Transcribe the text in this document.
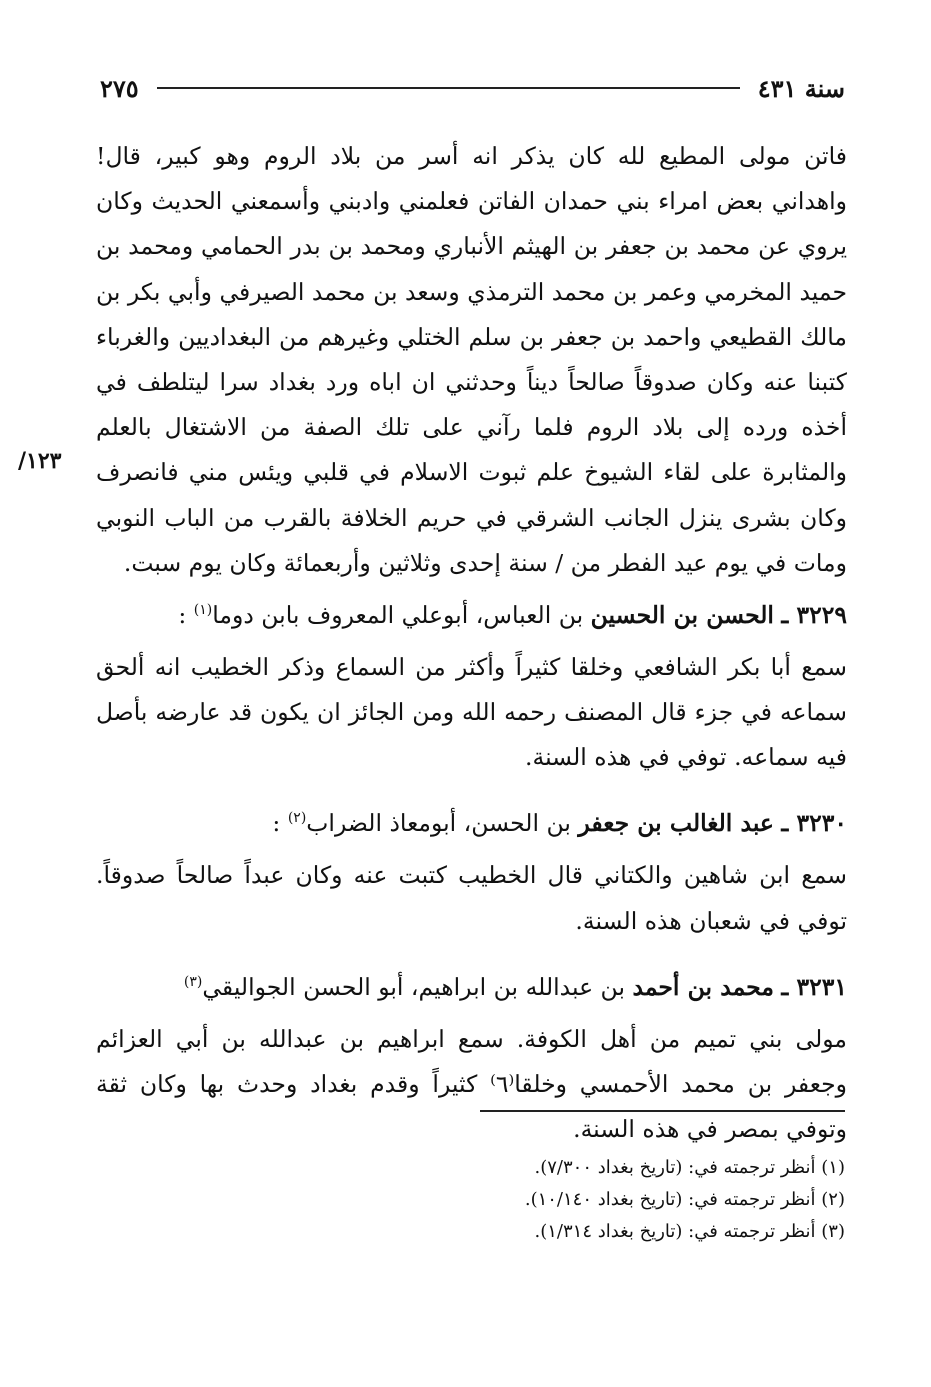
٢٧٥	سنة ٤٣١
١٢٣/

فاتن مولى المطيع لله كان يذكر انه أسر من بلاد الروم وهو كبير، قال! واهداني بعض امراء بني حمدان الفاتن فعلمني وادبني وأسمعني الحديث وكان يروي عن محمد بن جعفر بن الهيثم الأنباري ومحمد بن بدر الحمامي ومحمد بن حميد المخرمي وعمر بن محمد الترمذي وسعد بن محمد الصيرفي وأبي بكر بن مالك القطيعي واحمد بن جعفر بن سلم الختلي وغيرهم من البغداديين والغرباء كتبنا عنه وكان صدوقاً صالحاً ديناً وحدثني ان اباه ورد بغداد سرا ليتلطف في أخذه ورده إلى بلاد الروم فلما رآني على تلك الصفة من الاشتغال بالعلم والمثابرة على لقاء الشيوخ علم ثبوت الاسلام في قلبي ويئس مني فانصرف وكان بشرى ينزل الجانب الشرقي في حريم الخلافة بالقرب من الباب النوبي ومات في يوم عيد الفطر من / سنة إحدى وثلاثين وأربعمائة وكان يوم سبت.

٣٢٢٩ ـ الحسن بن الحسين بن العباس، أبوعلي المعروف بابن دوما$^{(١)}$ :

سمع أبا بكر الشافعي وخلقا كثيراً وأكثر من السماع وذكر الخطيب انه ألحق سماعه في جزء قال المصنف رحمه الله ومن الجائز ان يكون قد عارضه بأصل فيه سماعه. توفي في هذه السنة.

٣٢٣٠ ـ عبد الغالب بن جعفر بن الحسن، أبومعاذ الضراب$^{(٢)}$ :

سمع ابن شاهين والكتاني قال الخطيب كتبت عنه وكان عبداً صالحاً صدوقاً. توفي في شعبان هذه السنة.

٣٢٣١ ـ محمد بن أحمد بن عبدالله بن ابراهيم، أبو الحسن الجواليقي$^{(٣)}$

مولى بني تميم من أهل الكوفة. سمع ابراهيم بن عبدالله بن أبي العزائم وجعفر بن محمد الأحمسي وخلقا⁽٦⁾ كثيراً وقدم بغداد وحدث بها وكان ثقة وتوفي بمصر في هذه السنة.

(١) أنظر ترجمته في: (تاريخ بغداد ٧/٣٠٠).

(٢) أنظر ترجمته في: (تاريخ بغداد ١٠/١٤٠).

(٣) أنظر ترجمته في: (تاريخ بغداد ١/٣١٤).
